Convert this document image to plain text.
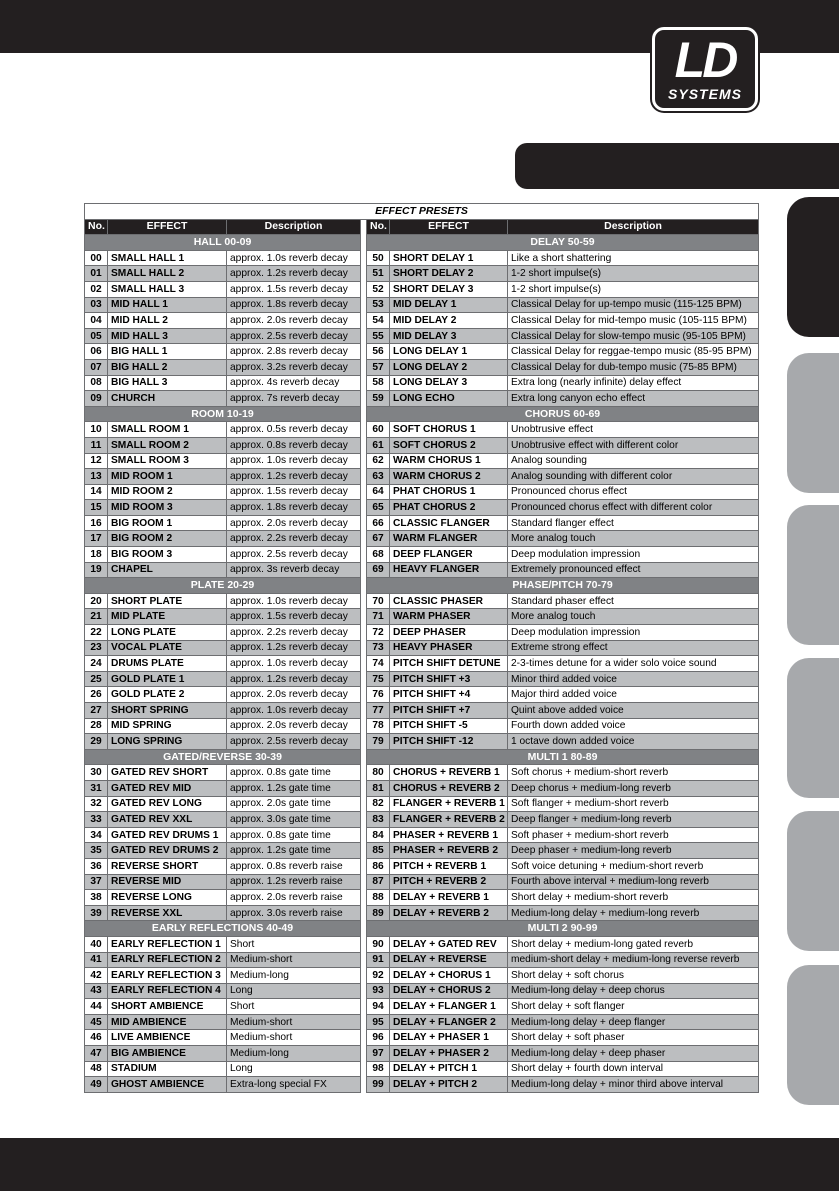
LD
SYSTEMS
EFFECT PRESETS						
No.	EFFECT	Description		No.	EFFECT	Description
HALL 00-09				DELAY 50-59		
00	SMALL HALL 1	approx. 1.0s reverb decay		50	SHORT DELAY 1	Like a short shattering
01	SMALL HALL 2	approx. 1.2s reverb decay		51	SHORT DELAY 2	1-2 short impulse(s)
02	SMALL HALL 3	approx. 1.5s reverb decay		52	SHORT DELAY 3	1-2 short impulse(s)
03	MID HALL 1	approx. 1.8s reverb decay		53	MID DELAY 1	Classical Delay for up-tempo music (115-125 BPM)
04	MID HALL 2	approx. 2.0s reverb decay		54	MID DELAY 2	Classical Delay for mid-tempo music (105-115 BPM)
05	MID HALL 3	approx. 2.5s reverb decay		55	MID DELAY 3	Classical Delay for slow-tempo music (95-105 BPM)
06	BIG HALL 1	approx. 2.8s reverb decay		56	LONG DELAY 1	Classical Delay for reggae-tempo music (85-95 BPM)
07	BIG HALL 2	approx. 3.2s reverb decay		57	LONG DELAY 2	Classical Delay for dub-tempo music (75-85 BPM)
08	BIG HALL 3	approx. 4s reverb decay		58	LONG DELAY 3	Extra long (nearly infinite) delay effect
09	CHURCH	approx. 7s reverb decay		59	LONG ECHO	Extra long canyon echo effect
ROOM 10-19				CHORUS 60-69		
10	SMALL ROOM 1	approx. 0.5s reverb decay		60	SOFT CHORUS 1	Unobtrusive effect
11	SMALL ROOM 2	approx. 0.8s reverb decay		61	SOFT CHORUS 2	Unobtrusive effect with different color
12	SMALL ROOM 3	approx. 1.0s reverb decay		62	WARM CHORUS 1	Analog sounding
13	MID ROOM 1	approx. 1.2s reverb decay		63	WARM CHORUS 2	Analog sounding with different color
14	MID ROOM 2	approx. 1.5s reverb decay		64	PHAT CHORUS 1	Pronounced chorus effect
15	MID ROOM 3	approx. 1.8s reverb decay		65	PHAT CHORUS 2	Pronounced chorus effect with different color
16	BIG ROOM 1	approx. 2.0s reverb decay		66	CLASSIC FLANGER	Standard flanger effect
17	BIG ROOM 2	approx. 2.2s reverb decay		67	WARM FLANGER	More analog touch
18	BIG ROOM 3	approx. 2.5s reverb decay		68	DEEP FLANGER	Deep modulation impression
19	CHAPEL	approx. 3s reverb decay		69	HEAVY FLANGER	Extremely pronounced effect
PLATE 20-29				PHASE/PITCH 70-79		
20	SHORT PLATE	approx. 1.0s reverb decay		70	CLASSIC PHASER	Standard phaser effect
21	MID PLATE	approx. 1.5s reverb decay		71	WARM PHASER	More analog touch
22	LONG PLATE	approx. 2.2s reverb decay		72	DEEP PHASER	Deep modulation impression
23	VOCAL PLATE	approx. 1.2s reverb decay		73	HEAVY PHASER	Extreme strong effect
24	DRUMS PLATE	approx. 1.0s reverb decay		74	PITCH SHIFT DETUNE	2-3-times detune for a wider solo voice sound
25	GOLD PLATE 1	approx. 1.2s reverb decay		75	PITCH SHIFT +3	Minor third added voice
26	GOLD PLATE 2	approx. 2.0s reverb decay		76	PITCH SHIFT +4	Major third added voice
27	SHORT SPRING	approx. 1.0s reverb decay		77	PITCH SHIFT +7	Quint above added voice
28	MID SPRING	approx. 2.0s reverb decay		78	PITCH SHIFT -5	Fourth down added voice
29	LONG SPRING	approx. 2.5s reverb decay		79	PITCH SHIFT -12	1 octave down added voice
GATED/REVERSE 30-39				MULTI 1 80-89		
30	GATED REV SHORT	approx. 0.8s gate time		80	CHORUS + REVERB 1	Soft chorus + medium-short reverb
31	GATED REV MID	approx. 1.2s gate time		81	CHORUS + REVERB 2	Deep chorus + medium-long reverb
32	GATED REV LONG	approx. 2.0s gate time		82	FLANGER + REVERB 1	Soft flanger + medium-short reverb
33	GATED REV XXL	approx. 3.0s gate time		83	FLANGER + REVERB 2	Deep flanger + medium-long reverb
34	GATED REV DRUMS 1	approx. 0.8s gate time		84	PHASER + REVERB 1	Soft phaser + medium-short reverb
35	GATED REV DRUMS 2	approx. 1.2s gate time		85	PHASER + REVERB 2	Deep phaser + medium-long reverb
36	REVERSE SHORT	approx. 0.8s reverb raise		86	PITCH + REVERB 1	Soft voice detuning + medium-short reverb
37	REVERSE MID	approx. 1.2s reverb raise		87	PITCH + REVERB 2	Fourth above interval + medium-long reverb
38	REVERSE LONG	approx. 2.0s reverb raise		88	DELAY + REVERB 1	Short delay + medium-short reverb
39	REVERSE XXL	approx. 3.0s reverb raise		89	DELAY + REVERB 2	Medium-long delay + medium-long reverb
EARLY REFLECTIONS 40-49				MULTI 2 90-99		
40	EARLY REFLECTION 1	Short		90	DELAY + GATED REV	Short delay + medium-long gated reverb
41	EARLY REFLECTION 2	Medium-short		91	DELAY + REVERSE	medium-short delay + medium-long reverse reverb
42	EARLY REFLECTION 3	Medium-long		92	DELAY + CHORUS 1	Short delay + soft chorus
43	EARLY REFLECTION 4	Long		93	DELAY + CHORUS 2	Medium-long delay + deep chorus
44	SHORT AMBIENCE	Short		94	DELAY + FLANGER 1	Short delay + soft flanger
45	MID AMBIENCE	Medium-short		95	DELAY + FLANGER 2	Medium-long delay + deep flanger
46	LIVE AMBIENCE	Medium-short		96	DELAY + PHASER 1	Short delay + soft phaser
47	BIG AMBIENCE	Medium-long		97	DELAY + PHASER 2	Medium-long delay + deep phaser
48	STADIUM	Long		98	DELAY + PITCH 1	Short delay + fourth down interval
49	GHOST AMBIENCE	Extra-long special FX		99	DELAY + PITCH 2	Medium-long delay + minor third above interval
